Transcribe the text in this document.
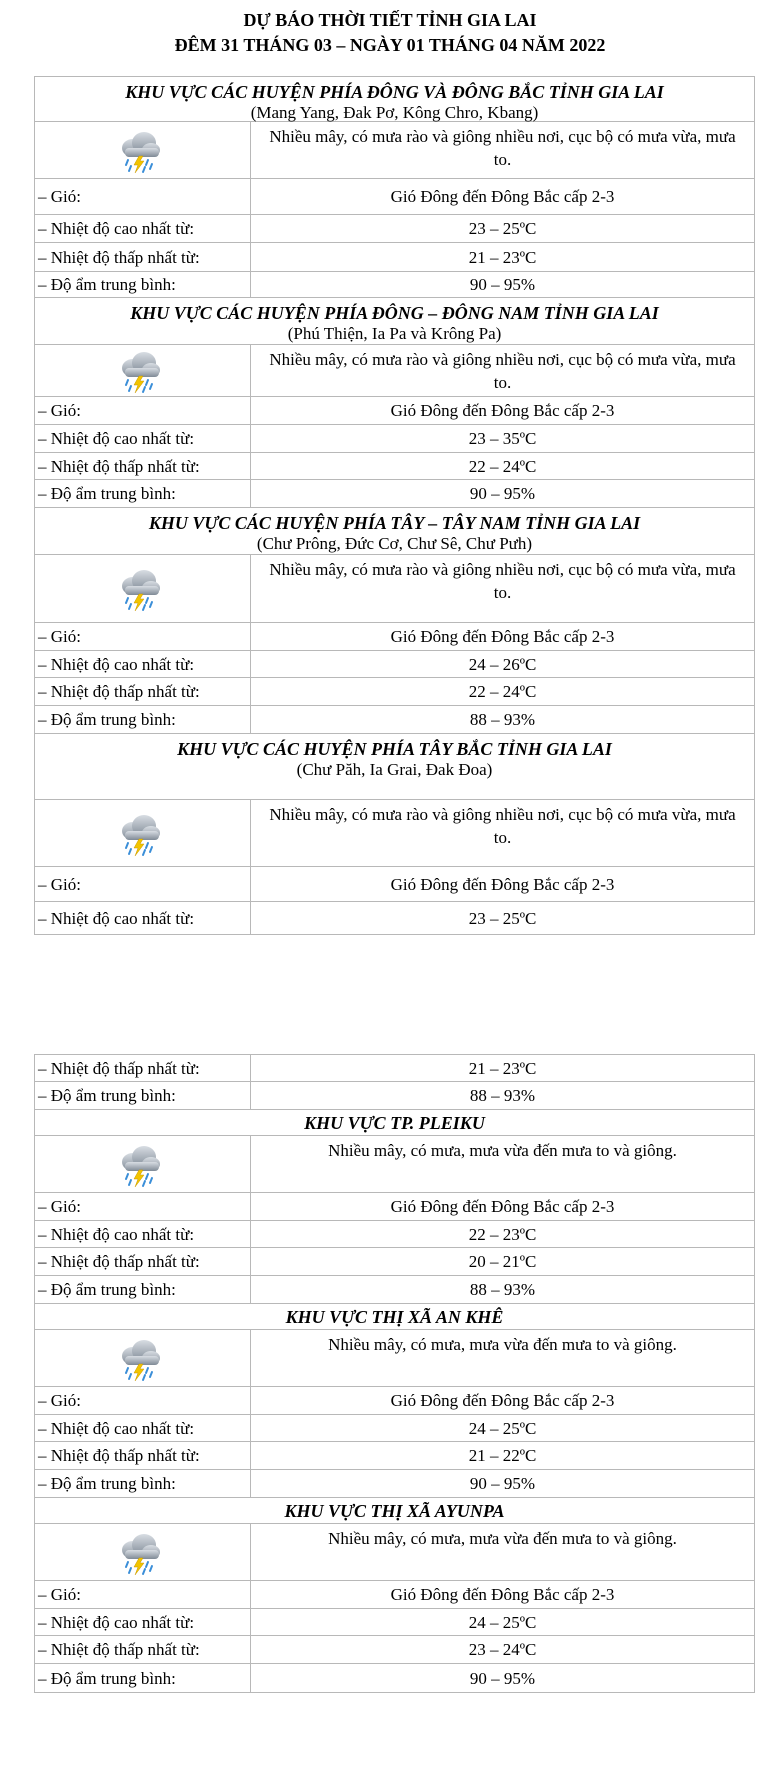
DỰ BÁO THỜI TIẾT TỈNH GIA LAI
ĐÊM 31 THÁNG 03 – NGÀY 01 THÁNG 04 NĂM 2022
KHU VỰC CÁC HUYỆN PHÍA ĐÔNG VÀ ĐÔNG BẮC TỈNH GIA LAI
(Mang Yang, Đak Pơ, Kông Chro, Kbang)
Nhiều mây, có mưa rào và giông nhiều nơi, cục bộ có mưa vừa, mưa to.
– Gió:	Gió Đông đến Đông Bắc cấp 2-3
– Nhiệt độ cao nhất từ:	23 – 25ºC
– Nhiệt độ thấp nhất từ:	21 – 23ºC
– Độ ẩm trung bình:	90 – 95%
KHU VỰC CÁC HUYỆN PHÍA ĐÔNG – ĐÔNG NAM TỈNH GIA LAI
(Phú Thiện, Ia Pa và Krông Pa)
Nhiều mây, có mưa rào và giông nhiều nơi, cục bộ có mưa vừa, mưa to.
– Gió:	Gió Đông đến Đông Bắc cấp 2-3
– Nhiệt độ cao nhất từ:	23 – 35ºC
– Nhiệt độ thấp nhất từ:	22 – 24ºC
– Độ ẩm trung bình:	90 – 95%
KHU VỰC CÁC HUYỆN PHÍA TÂY – TÂY NAM TỈNH GIA LAI
(Chư Prông, Đức Cơ, Chư Sê, Chư Pưh)
Nhiều mây, có mưa rào và giông nhiều nơi, cục bộ có mưa vừa, mưa to.
– Gió:	Gió Đông đến Đông Bắc cấp 2-3
– Nhiệt độ cao nhất từ:	24 – 26ºC
– Nhiệt độ thấp nhất từ:	22 – 24ºC
– Độ ẩm trung bình:	88 – 93%
KHU VỰC CÁC HUYỆN PHÍA TÂY BẮC TỈNH GIA LAI
(Chư Păh, Ia Grai, Đak Đoa)
Nhiều mây, có mưa rào và giông nhiều nơi, cục bộ có mưa vừa, mưa to.
– Gió:	Gió Đông đến Đông Bắc cấp 2-3
– Nhiệt độ cao nhất từ:	23 – 25ºC
– Nhiệt độ thấp nhất từ:	21 – 23ºC
– Độ ẩm trung bình:	88 – 93%
KHU VỰC TP. PLEIKU
Nhiều mây, có mưa, mưa vừa đến mưa to và giông.
– Gió:	Gió Đông đến Đông Bắc cấp 2-3
– Nhiệt độ cao nhất từ:	22 – 23ºC
– Nhiệt độ thấp nhất từ:	20 – 21ºC
– Độ ẩm trung bình:	88 – 93%
KHU VỰC THỊ XÃ AN KHÊ
Nhiều mây, có mưa, mưa vừa đến mưa to và giông.
– Gió:	Gió Đông đến Đông Bắc cấp 2-3
– Nhiệt độ cao nhất từ:	24 – 25ºC
– Nhiệt độ thấp nhất từ:	21 – 22ºC
– Độ ẩm trung bình:	90 – 95%
KHU VỰC THỊ XÃ AYUNPA
Nhiều mây, có mưa, mưa vừa đến mưa to và giông.
– Gió:	Gió Đông đến Đông Bắc cấp 2-3
– Nhiệt độ cao nhất từ:	24 – 25ºC
– Nhiệt độ thấp nhất từ:	23 – 24ºC
– Độ ẩm trung bình:	90 – 95%
